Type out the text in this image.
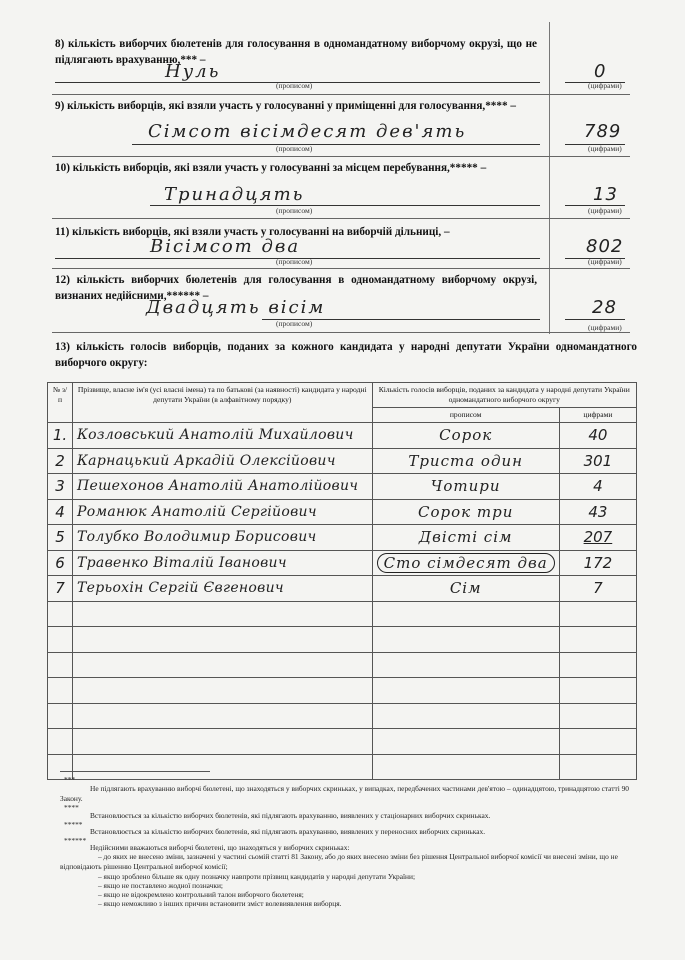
8) кількість виборчих бюлетенів для голосування в одномандатному виборчому окрузі, що не підлягають врахуванню,*** –
Нуль
(прописом)
0
(цифрами)
9) кількість виборців, які взяли участь у голосуванні у приміщенні для голосування,**** –
Сімсот вісімдесят дев'ять
(прописом)
789
(цифрами)
10) кількість виборців, які взяли участь у голосуванні за місцем перебування,***** –
Тринадцять
(прописом)
13
(цифрами)
11) кількість виборців, які взяли участь у голосуванні на виборчій дільниці, –
Вісімсот два
(прописом)
802
(цифрами)
12) кількість виборчих бюлетенів для голосування в одномандатному виборчому окрузі, визнаних недійсними,****** –
Двадцять вісім
(прописом)
28
(цифрами)
13) кількість голосів виборців, поданих за кожного кандидата у народні депутати України одномандатного виборчого округу:
№ з/п	Прізвище, власне ім'я (усі власні імена) та по батькові (за наявності) кандидата у народні депутати України (в алфавітному порядку)	Кількість голосів виборців, поданих за кандидата у народні депутати України одномандатного виборчого округу	
		прописом	цифрами
1.	Козловський Анатолій Михайлович	Сорок	40
2	Карнацький Аркадій Олексійович	Триста один	301
3	Пешехонов Анатолій Анатолійович	Чотири	4
4	Романюк Анатолій Сергійович	Сорок три	43
5	Толубко Володимир Борисович	Двісті сім	207
6	Травенко Віталій Іванович	Сто сімдесят два	172
7	Терьохін Сергій Євгенович	Сім	7

***
Не підлягають врахуванню виборчі бюлетені, що знаходяться у виборчих скриньках, у випадках, передбачених частинами дев'ятою – одинадцятою, тринадцятою статті 90 Закону.
****
Встановлюється за кількістю виборчих бюлетенів, які підлягають врахуванню, виявлених у стаціонарних виборчих скриньках.
*****
Встановлюється за кількістю виборчих бюлетенів, які підлягають врахуванню, виявлених у переносних виборчих скриньках.
******
Недійсними вважаються виборчі бюлетені, що знаходяться у виборчих скриньках:
– до яких не внесено зміни, зазначені у частині сьомій статті 81 Закону, або до яких внесено зміни без рішення Центральної виборчої комісії чи внесені зміни, що не відповідають рішенню Центральної виборчої комісії;
– якщо зроблено більше як одну позначку навпроти прізвищ кандидатів у народні депутати України;
– якщо не поставлено жодної позначки;
– якщо не відокремлено контрольний талон виборчого бюлетеня;
– якщо неможливо з інших причин встановити зміст волевиявлення виборця.
